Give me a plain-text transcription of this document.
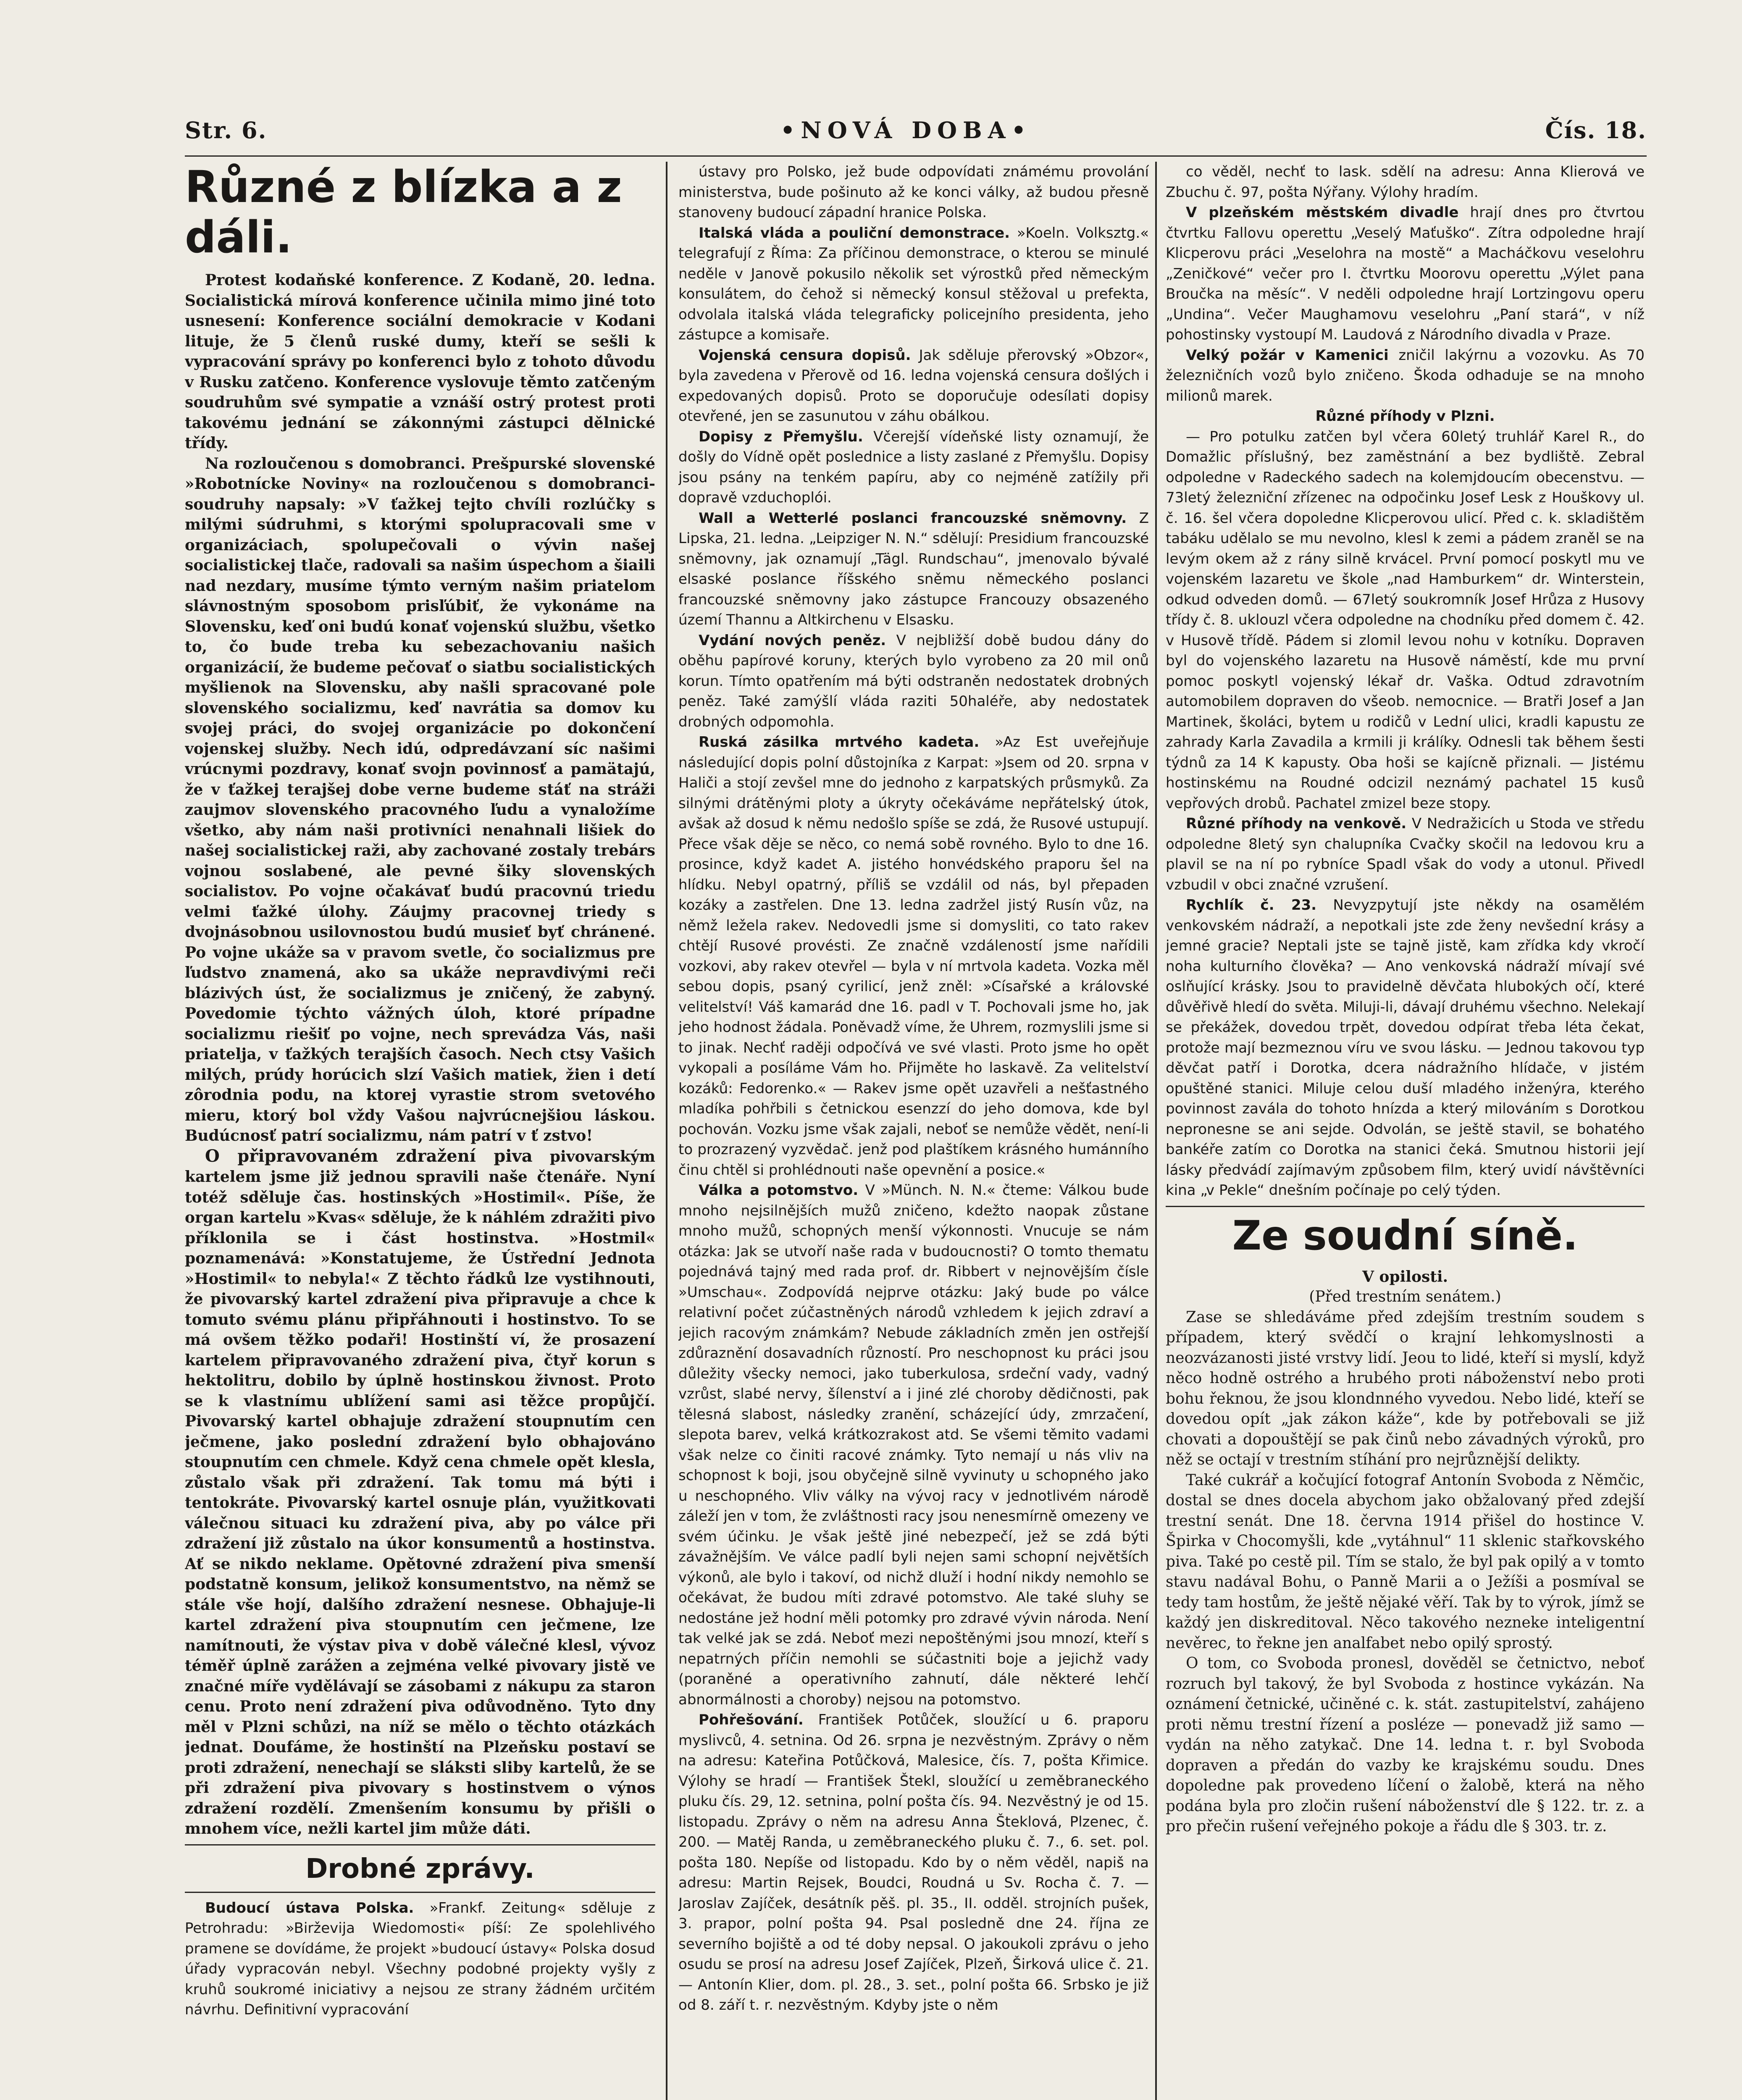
Str. 6.	•NOVÁ DOBA•	Čís. 18.
Různé z blízka a z dáli.

Protest kodaňské konference. Z Kodaně, 20. ledna. Socialistická mírová konference učinila mimo jiné toto usnesení: Konference sociální demokracie v Kodani lituje, že 5 členů ruské dumy, kteří se sešli k vypracování správy po konferenci bylo z tohoto důvodu v Rusku zatčeno. Konference vyslovuje těmto zatčeným soudruhům své sympatie a vznáší ostrý protest proti takovému jednání se zákonnými zástupci dělnické třídy.

Na rozloučenou s domobranci. Prešpurské slovenské »Robotnícke Noviny« na rozloučenou s domobranci-soudruhy napsaly: »V ťažkej tejto chvíli rozlúčky s milými súdruhmi, s ktorými spolupracovali sme v organizáciach, spolupečovali o vývin našej socialistickej tlače, radovali sa našim úspechom a šiaili nad nezdary, musíme týmto verným našim priatelom slávnostným sposobom prisľúbiť, že vykonáme na Slovensku, keď oni budú konať vojenskú službu, všetko to, čo bude treba ku sebezachovaniu našich organizácií, že budeme pečovať o siatbu socialistických myšlienok na Slovensku, aby našli spracované pole slovenského socializmu, keď navrátia sa domov ku svojej práci, do svojej organizácie po dokončení vojenskej služby. Nech idú, odpredávzaní síc našimi vrúcnymi pozdravy, konať svojn povinnosť a pamätajú, že v ťažkej terajšej dobe verne budeme stáť na stráži zaujmov slovenského pracovného ľudu a vynaložíme všetko, aby nám naši protivníci nenahnali lišiek do našej socialistickej raži, aby zachované zostaly trebárs vojnou soslabené, ale pevné šiky slovenských socialistov. Po vojne očakávať budú pracovnú triedu velmi ťažké úlohy. Záujmy pracovnej triedy s dvojnásobnou usilovnostou budú musieť byť chránené. Po vojne ukáže sa v pravom svetle, čo socializmus pre ľudstvo znamená, ako sa ukáže nepravdivými reči blázivých úst, že socializmus je zničený, že zabyný. Povedomie týchto vážných úloh, ktoré prípadne socializmu riešiť po vojne, nech sprevádza Vás, naši priatelja, v ťažkých terajších časoch. Nech ctsy Vašich milých, prúdy horúcich slzí Vašich matiek, žien i detí zôrodnia podu, na ktorej vyrastie strom svetového mieru, ktorý bol vždy Vašou najvrúcnejšiou láskou. Budúcnosť patrí socializmu, nám patrí v ť zstvo!

O připravovaném zdražení piva pivovarským kartelem jsme již jednou spravili naše čtenáře. Nyní totéž sděluje čas. hostinských »Hostimil«. Píše, že organ kartelu »Kvas« sděluje, že k náhlém zdražiti pivo příklonila se i část hostinstva. »Hostmil« poznamenává: »Konstatujeme, že Ústřední Jednota »Hostimil« to nebyla!« Z těchto řádků lze vystihnouti, že pivovarský kartel zdražení piva připravuje a chce k tomuto svému plánu připřáhnouti i hostinstvo. To se má ovšem těžko podaři! Hostinští ví, že prosazení kartelem připravovaného zdražení piva, čtyř korun s hektolitru, dobilo by úplně hostinskou živnost. Proto se k vlastnímu ublížení sami asi těžce propůjčí. Pivovarský kartel obhajuje zdražení stoupnutím cen ječmene, jako poslední zdražení bylo obhajováno stoupnutím cen chmele. Když cena chmele opět klesla, zůstalo však při zdražení. Tak tomu má býti i tentokráte. Pivovarský kartel osnuje plán, využitkovati válečnou situaci ku zdražení piva, aby po válce při zdražení již zůstalo na úkor konsumentů a hostinstva. Ať se nikdo neklame. Opětovné zdražení piva smenší podstatně konsum, jelikož konsumentstvo, na němž se stále vše hojí, dalšího zdražení nesnese. Obhajuje-li kartel zdražení piva stoupnutím cen ječmene, lze namítnouti, že výstav piva v době válečné klesl, vývoz téměř úplně zarážen a zejména velké pivovary jistě ve značné míře vydělávají se zásobami z nákupu za staron cenu. Proto není zdražení piva odůvodněno. Tyto dny měl v Plzni schůzi, na níž se mělo o těchto otázkách jednat. Doufáme, že hostinští na Plzeňsku postaví se proti zdražení, nenechají se sláksti sliby kartelů, že se při zdražení piva pivovary s hostinstvem o výnos zdražení rozdělí. Zmenšením konsumu by přišli o mnohem více, nežli kartel jim může dáti.

Drobné zprávy.

Budoucí ústava Polska. »Frankf. Zeitung« sděluje z Petrohradu: »Birževija Wiedomosti« píší: Ze spolehlivého pramene se dovídáme, že projekt »budoucí ústavy« Polska dosud úřady vypracován nebyl. Všechny podobné projekty vyšly z kruhů soukromé iniciativy a nejsou ze strany žádném určitém návrhu. Definitivní vypracování

ústavy pro Polsko, jež bude odpovídati známému provolání ministerstva, bude pošinuto až ke konci války, až budou přesně stanoveny budoucí západní hranice Polska.

Italská vláda a pouliční demonstrace. »Koeln. Volksztg.« telegrafují z Říma: Za příčinou demonstrace, o kterou se minulé neděle v Janově pokusilo několik set výrostků před německým konsulátem, do čehož si německý konsul stěžoval u prefekta, odvolala italská vláda telegraficky policejního presidenta, jeho zástupce a komisaře.

Vojenská censura dopisů. Jak sděluje přerovský »Obzor«, byla zavedena v Přerově od 16. ledna vojenská censura došlých i expedovaných dopisů. Proto se doporučuje odesílati dopisy otevřené, jen se zasunutou v záhu obálkou.

Dopisy z Přemyšlu. Včerejší vídeňské listy oznamují, že došly do Vídně opět poslednice a listy zaslané z Přemyšlu. Dopisy jsou psány na tenkém papíru, aby co nejméně zatížily při dopravě vzduchoplói.

Wall a Wetterlé poslanci francouzské sněmovny. Z Lipska, 21. ledna. „Leipziger N. N.“ sdělují: Presidium francouzské sněmovny, jak oznamují „Tägl. Rundschau“, jmenovalo bývalé elsaské poslance říšského sněmu německého poslanci francouzské sněmovny jako zástupce Francouzy obsazeného území Thannu a Altkirchenu v Elsasku.

Vydání nových peněz. V nejbližší době budou dány do oběhu papírové koruny, kterých bylo vyrobeno za 20 mil onů korun. Tímto opatřením má býti odstraněn nedostatek drobných peněz. Také zamýšlí vláda raziti 50haléře, aby nedostatek drobných odpomohla.

Ruská zásilka mrtvého kadeta. »Az Est uveřejňuje následující dopis polní důstojníka z Karpat: »Jsem od 20. srpna v Haliči a stojí zevšel mne do jednoho z karpatských průsmyků. Za silnými drátěnými ploty a úkryty očekáváme nepřátelský útok, avšak až dosud k němu nedošlo spíše se zdá, že Rusové ustupují. Přece však děje se něco, co nemá sobě rovného. Bylo to dne 16. prosince, když kadet A. jistého honvédského praporu šel na hlídku. Nebyl opatrný, příliš se vzdálil od nás, byl přepaden kozáky a zastřelen. Dne 13. ledna zadržel jistý Rusín vůz, na němž ležela rakev. Nedovedli jsme si domysliti, co tato rakev chtějí Rusové provésti. Ze značně vzdáleností jsme nařídili vozkovi, aby rakev otevřel — byla v ní mrtvola kadeta. Vozka měl sebou dopis, psaný cyrilicí, jenž zněl: »Císařské a královské velitelství! Váš kamarád dne 16. padl v T. Pochovali jsme ho, jak jeho hodnost žádala. Poněvadž víme, že Uhrem, rozmyslili jsme si to jinak. Nechť raději odpočívá ve své vlasti. Proto jsme ho opět vykopali a posíláme Vám ho. Přijměte ho laskavě. Za velitelství kozáků: Fedorenko.« — Rakev jsme opět uzavřeli a nešťastného mladíka pohřbili s četnickou esenzzí do jeho domova, kde byl pochován. Vozku jsme však zajali, neboť se nemůže vědět, není-li to prozrazený vyzvědač. jenž pod plaštíkem krásného humánního činu chtěl si prohlédnouti naše opevnění a posice.«

Válka a potomstvo. V »Münch. N. N.« čteme: Válkou bude mnoho nejsilnějších mužů zničeno, kdežto naopak zůstane mnoho mužů, schopných menší výkonnosti. Vnucuje se nám otázka: Jak se utvoří naše rada v budoucnosti? O tomto thematu pojednává tajný med rada prof. dr. Ribbert v nejnovějším čísle »Umschau«. Zodpovídá nejprve otázku: Jaký bude po válce relativní počet zúčastněných národů vzhledem k jejich zdraví a jejich racovým známkám? Nebude základních změn jen ostřejší zdůraznění dosavadních růzností. Pro neschopnost ku práci jsou důležity všecky nemoci, jako tuberkulosa, srdeční vady, vadný vzrůst, slabé nervy, šílenství a i jiné zlé choroby dědičnosti, pak tělesná slabost, následky zranění, scházející údy, zmrzačení, slepota barev, velká krátkozrakost atd. Se všemi těmito vadami však nelze co činiti racové známky. Tyto nemají u nás vliv na schopnost k boji, jsou obyčejně silně vyvinuty u schopného jako u neschopného. Vliv války na vývoj racy v jednotlivém národě záleží jen v tom, že zvláštnosti racy jsou nenesmírně omezeny ve svém účinku. Je však ještě jiné nebezpečí, jež se zdá býti závažnějším. Ve válce padlí byli nejen sami schopní největších výkonů, ale bylo i takoví, od nichž dluží i hodní nikdy nemohlo se očekávat, že budou míti zdravé potomstvo. Ale také sluhy se nedostáne jež hodní měli potomky pro zdravé vývin národa. Není tak velké jak se zdá. Neboť mezi nepoštěnými jsou mnozí, kteří s nepatrných příčin nemohli se súčastniti boje a jejichž vady (poraněné a operativního zahnutí, dále některé lehčí abnormálnosti a choroby) nejsou na potomstvo.

Pohřešování. František Potůček, sloužící u 6. praporu myslivců, 4. setnina. Od 26. srpna je nezvěstným. Zprávy o něm na adresu: Kateřina Potůčková, Malesice, čís. 7, pošta Křimice. Výlohy se hradí — František Štekl, sloužící u zeměbraneckého pluku čís. 29, 12. setnina, polní pošta čís. 94. Nezvěstný je od 15. listopadu. Zprávy o něm na adresu Anna Šteklová, Plzenec, č. 200. — Matěj Randa, u zeměbraneckého pluku č. 7., 6. set. pol. pošta 180. Nepíše od listopadu. Kdo by o něm věděl, napiš na adresu: Martin Rejsek, Boudci, Roudná u Sv. Rocha č. 7. — Jaroslav Zajíček, desátník pěš. pl. 35., II. odděl. strojních pušek, 3. prapor, polní pošta 94. Psal posledně dne 24. října ze severního bojiště a od té doby nepsal. O jakoukoli zprávu o jeho osudu se prosí na adresu Josef Zajíček, Plzeň, Širková ulice č. 21. — Antonín Klier, dom. pl. 28., 3. set., polní pošta 66. Srbsko je již od 8. září t. r. nezvěstným. Kdyby jste o něm

co věděl, nechť to lask. sdělí na adresu: Anna Klierová ve Zbuchu č. 97, pošta Nýřany. Výlohy hradím.

V plzeňském městském divadle hrají dnes pro čtvrtou čtvrtku Fallovu operettu „Veselý Maťuško“. Zítra odpoledne hrají Klicperovu práci „Veselohra na mostě“ a Macháčkovu veselohru „Zeničkové“ večer pro I. čtvrtku Moorovu operettu „Výlet pana Broučka na měsíc“. V neděli odpoledne hrají Lortzingovu operu „Undina“. Večer Maughamovu veselohru „Paní stará“, v níž pohostinsky vystoupí M. Laudová z Národního divadla v Praze.

Velký požár v Kamenici zničil lakýrnu a vozovku. As 70 železničních vozů bylo zničeno. Škoda odhaduje se na mnoho milionů marek.

Různé příhody v Plzni.

— Pro potulku zatčen byl včera 60letý truhlář Karel R., do Domažlic příslušný, bez zaměstnání a bez bydliště. Zebral odpoledne v Radeckého sadech na kolemjdoucím obecenstvu. — 73letý železniční zřízenec na odpočinku Josef Lesk z Houškovy ul. č. 16. šel včera dopoledne Klicperovou ulicí. Před c. k. skladištěm tabáku udělalo se mu nevolno, klesl k zemi a pádem zraněl se na levým okem až z rány silně krvácel. První pomocí poskytl mu ve vojenském lazaretu ve škole „nad Hamburkem“ dr. Winterstein, odkud odveden domů. — 67letý soukromník Josef Hrůza z Husovy třídy č. 8. uklouzl včera odpoledne na chodníku před domem č. 42. v Husově třídě. Pádem si zlomil levou nohu v kotníku. Dopraven byl do vojenského lazaretu na Husově náměstí, kde mu první pomoc poskytl vojenský lékař dr. Vaška. Odtud zdravotním automobilem dopraven do všeob. nemocnice. — Bratři Josef a Jan Martinek, školáci, bytem u rodičů v Lední ulici, kradli kapustu ze zahrady Karla Zavadila a krmili ji králíky. Odnesli tak během šesti týdnů za 14 K kapusty. Oba hoši se kajícně přiznali. — Jistému hostinskému na Roudné odcizil neznámý pachatel 15 kusů vepřových drobů. Pachatel zmizel beze stopy.

Různé příhody na venkově. V Nedražicích u Stoda ve středu odpoledne 8letý syn chalupníka Cvačky skočil na ledovou kru a plavil se na ní po rybníce Spadl však do vody a utonul. Přivedl vzbudil v obci značné vzrušení.

Rychlík č. 23. Nevyzpytují jste někdy na osamělém venkovském nádraží, a nepotkali jste zde ženy nevšední krásy a jemné gracie? Neptali jste se tajně jistě, kam zřídka kdy vkročí noha kulturního člověka? — Ano venkovská nádraží mívají své oslňující krásky. Jsou to pravidelně děvčata hlubokých očí, které důvěřivě hledí do světa. Miluji-li, dávají druhému všechno. Nelekají se překážek, dovedou trpět, dovedou odpírat třeba léta čekat, protože mají bezmeznou víru ve svou lásku. — Jednou takovou typ děvčat patří i Dorotka, dcera nádražního hlídače, v jistém opuštěné stanici. Miluje celou duší mladého inženýra, kterého povinnost zavála do tohoto hnízda a který milováním s Dorotkou nepronesne se ani sejde. Odvolán, se ještě stavil, se bohatého bankéře zatím co Dorotka na stanici čeká. Smutnou historii její lásky předvádí zajímavým způsobem film, který uvidí návštěvníci kina „v Pekle“ dnešním počínaje po celý týden.

Ze soudní síně.

V opilosti.

(Před trestním senátem.)

Zase se shledáváme před zdejším trestním soudem s případem, který svědčí o krajní lehkomyslnosti a neozvázanosti jisté vrstvy lidí. Jeou to lidé, kteří si myslí, když něco hodně ostrého a hrubého proti náboženství nebo proti bohu řeknou, že jsou klondnného vyvedou. Nebo lidé, kteří se dovedou opít „jak zákon káže“, kde by potřebovali se již chovati a dopouštějí se pak činů nebo závadných výroků, pro něž se octají v trestním stíhání pro nejrůznější delikty.

Také cukrář a kočující fotograf Antonín Svoboda z Němčic, dostal se dnes docela abychom jako obžalovaný před zdejší trestní senát. Dne 18. června 1914 přišel do hostince V. Špirka v Chocomyšli, kde „vytáhnul“ 11 sklenic stařkovského piva. Také po cestě pil. Tím se stalo, že byl pak opilý a v tomto stavu nadával Bohu, o Panně Marii a o Ježíši a posmíval se tedy tam hostům, že ještě nějaké věří. Tak by to výrok, jímž se každý jen diskreditoval. Něco takového nezneke inteligentní nevěrec, to řekne jen analfabet nebo opilý sprostý.

O tom, co Svoboda pronesl, dověděl se četnictvo, neboť rozruch byl takový, že byl Svoboda z hostince vykázán. Na oznámení četnické, učiněné c. k. stát. zastupitelství, zahájeno proti němu trestní řízení a posléze — ponevadž již samo — vydán na něho zatykač. Dne 14. ledna t. r. byl Svoboda dopraven a předán do vazby ke krajskému soudu. Dnes dopoledne pak provedeno líčení o žalobě, která na něho podána byla pro zločin rušení náboženství dle § 122. tr. z. a pro přečin rušení veřejného pokoje a řádu dle § 303. tr. z.
